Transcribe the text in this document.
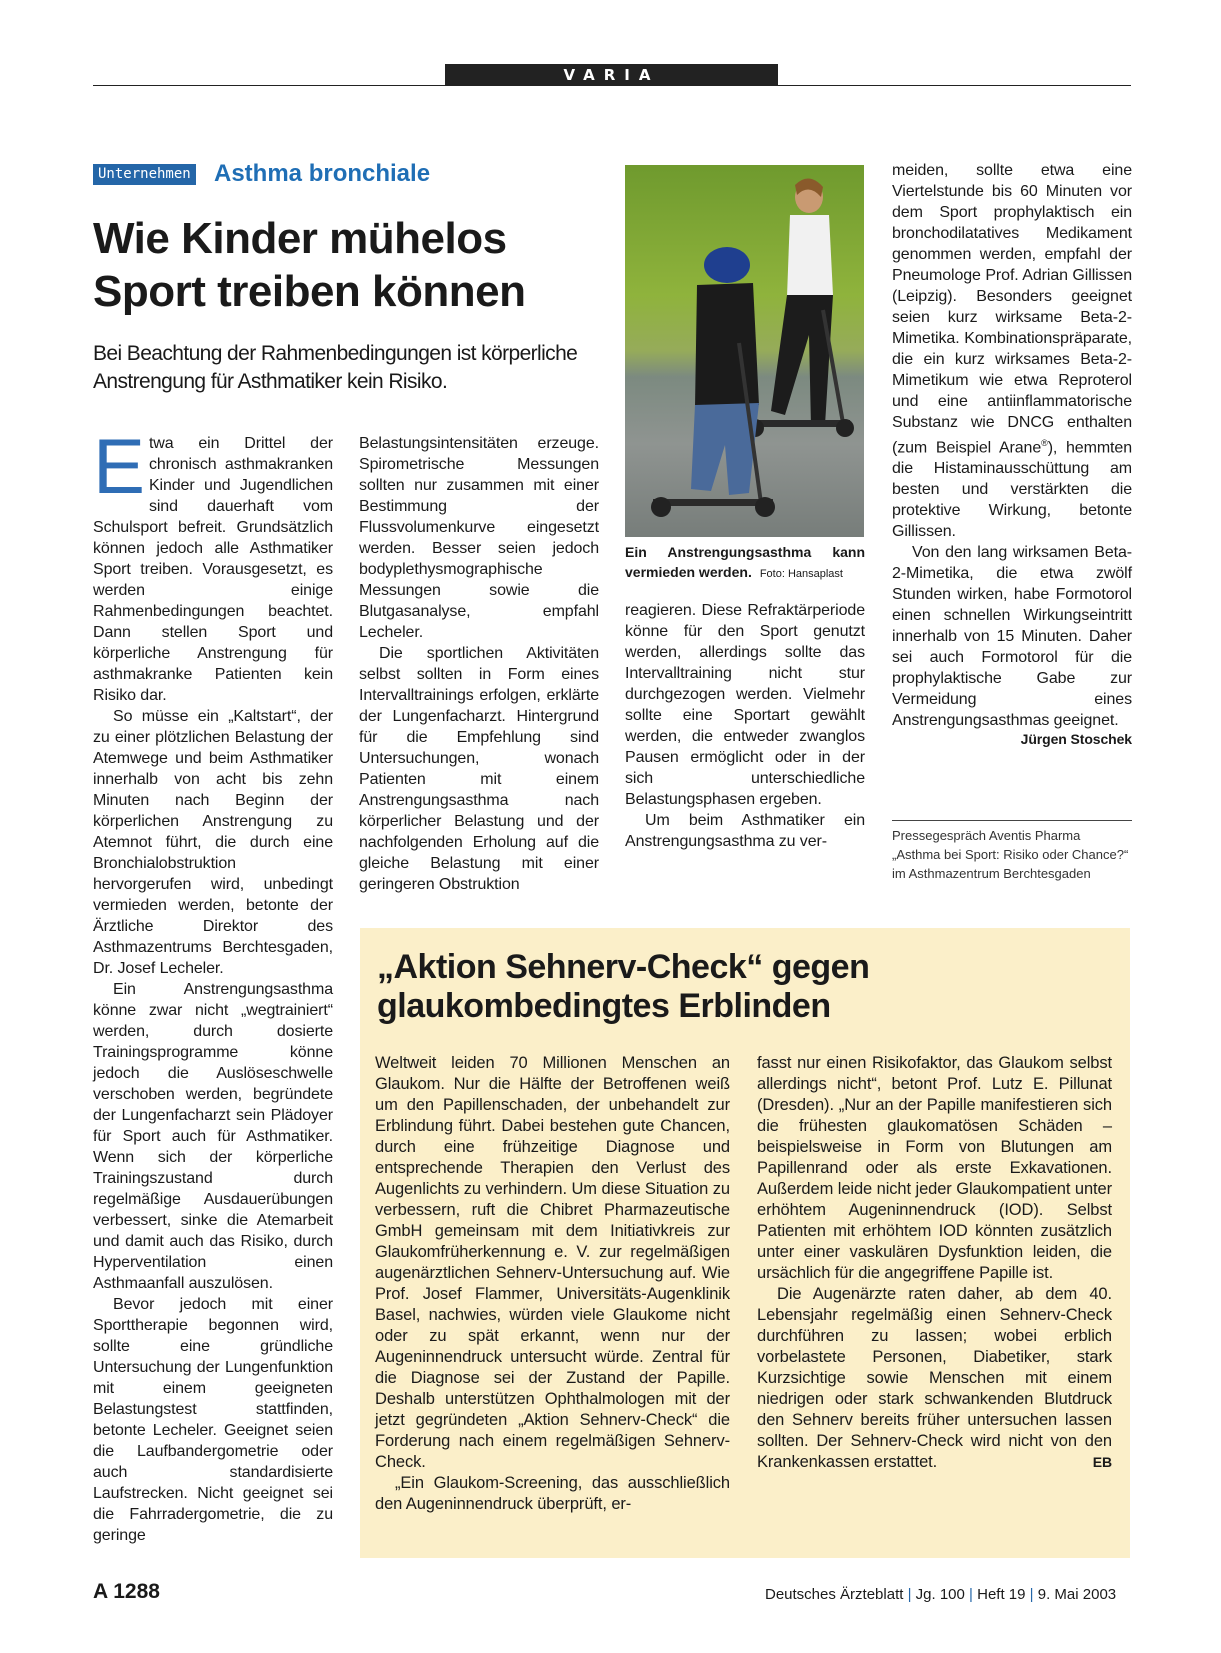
VARIA
Unternehmen Asthma bronchiale
Wie Kinder mühelos
Sport treiben können

Bei Beachtung der Rahmenbedingungen ist körperliche Anstrengung für Asthmatiker kein Risiko.

Etwa ein Drittel der chronisch asthmakranken Kinder und Jugendlichen sind dauerhaft vom Schulsport befreit. Grundsätzlich können jedoch alle Asthmatiker Sport treiben. Vorausgesetzt, es werden einige Rahmenbedingungen beachtet. Dann stellen Sport und körperliche Anstrengung für asthmakranke Patienten kein Risiko dar.

So müsse ein „Kaltstart“, der zu einer plötzlichen Belastung der Atemwege und beim Asthmatiker innerhalb von acht bis zehn Minuten nach Beginn der körperlichen Anstrengung zu Atemnot führt, die durch eine Bronchialobstruktion hervorgerufen wird, unbedingt vermieden werden, betonte der Ärztliche Direktor des Asthmazentrums Berchtesgaden, Dr. Josef Lecheler.

Ein Anstrengungsasthma könne zwar nicht „wegtrainiert“ werden, durch dosierte Trainingsprogramme könne jedoch die Auslöseschwelle verschoben werden, begründete der Lungenfacharzt sein Plädoyer für Sport auch für Asthmatiker. Wenn sich der körperliche Trainingszustand durch regelmäßige Ausdauerübungen verbessert, sinke die Atemarbeit und damit auch das Risiko, durch Hyperventilation einen Asthmaanfall auszulösen.

Bevor jedoch mit einer Sporttherapie begonnen wird, sollte eine gründliche Untersuchung der Lungenfunktion mit einem geeigneten Belastungstest stattfinden, betonte Lecheler. Geeignet seien die Laufbandergometrie oder auch standardisierte Laufstrecken. Nicht geeignet sei die Fahrradergometrie, die zu geringe

Belastungsintensitäten erzeuge. Spirometrische Messungen sollten nur zusammen mit einer Bestimmung der Flussvolumenkurve eingesetzt werden. Besser seien jedoch bodyplethysmographische Messungen sowie die Blutgasanalyse, empfahl Lecheler.

Die sportlichen Aktivitäten selbst sollten in Form eines Intervalltrainings erfolgen, erklärte der Lungenfacharzt. Hintergrund für die Empfehlung sind Untersuchungen, wonach Patienten mit einem Anstrengungsasthma nach körperlicher Belastung und der nachfolgenden Erholung auf die gleiche Belastung mit einer geringeren Obstruktion

Ein Anstrengungsasthma kann vermieden werden. Foto: Hansaplast

reagieren. Diese Refraktärperiode könne für den Sport genutzt werden, allerdings sollte das Intervalltraining nicht stur durchgezogen werden. Vielmehr sollte eine Sportart gewählt werden, die entweder zwanglos Pausen ermöglicht oder in der sich unterschiedliche Belastungsphasen ergeben.

Um beim Asthmatiker ein Anstrengungsasthma zu ver-

meiden, sollte etwa eine Viertelstunde bis 60 Minuten vor dem Sport prophylaktisch ein bronchodilatatives Medikament genommen werden, empfahl der Pneumologe Prof. Adrian Gillissen (Leipzig). Besonders geeignet seien kurz wirksame Beta-2-Mimetika. Kombinationspräparate, die ein kurz wirksames Beta-2-Mimetikum wie etwa Reproterol und eine antiinflammatorische Substanz wie DNCG enthalten (zum Beispiel Arane®), hemmten die Histaminausschüttung am besten und verstärkten die protektive Wirkung, betonte Gillissen.

Von den lang wirksamen Beta-2-Mimetika, die etwa zwölf Stunden wirken, habe Formotorol einen schnellen Wirkungseintritt innerhalb von 15 Minuten. Daher sei auch Formotorol für die prophylaktische Gabe zur Vermeidung eines Anstrengungsasthmas geeignet.
Jürgen Stoschek

Pressegespräch Aventis Pharma „Asthma bei Sport: Risiko oder Chance?“ im Asthmazentrum Berchtesgaden

Weltweit leiden 70 Millionen Menschen an Glaukom. Nur die Hälfte der Betroffenen weiß um den Papillenschaden, der unbehandelt zur Erblindung führt. Dabei bestehen gute Chancen, durch eine frühzeitige Diagnose und entsprechende Therapien den Verlust des Augenlichts zu verhindern. Um diese Situation zu verbessern, ruft die Chibret Pharmazeutische GmbH gemeinsam mit dem Initiativkreis zur Glaukomfrüherkennung e. V. zur regelmäßigen augenärztlichen Sehnerv-Untersuchung auf. Wie Prof. Josef Flammer, Universitäts-Augenklinik Basel, nachwies, würden viele Glaukome nicht oder zu spät erkannt, wenn nur der Augeninnendruck untersucht würde. Zentral für die Diagnose sei der Zustand der Papille. Deshalb unterstützen Ophthalmologen mit der jetzt gegründeten „Aktion Sehnerv-Check“ die Forderung nach einem regelmäßigen Sehnerv-Check.

„Ein Glaukom-Screening, das ausschließlich den Augeninnendruck überprüft, er-

fasst nur einen Risikofaktor, das Glaukom selbst allerdings nicht“, betont Prof. Lutz E. Pillunat (Dresden). „Nur an der Papille manifestieren sich die frühesten glaukomatösen Schäden – beispielsweise in Form von Blutungen am Papillenrand oder als erste Exkavationen. Außerdem leide nicht jeder Glaukompatient unter erhöhtem Augeninnendruck (IOD). Selbst Patienten mit erhöhtem IOD könnten zusätzlich unter einer vaskulären Dysfunktion leiden, die ursächlich für die angegriffene Papille ist.

Die Augenärzte raten daher, ab dem 40. Lebensjahr regelmäßig einen Sehnerv-Check durchführen zu lassen; wobei erblich vorbelastete Personen, Diabetiker, stark Kurzsichtige sowie Menschen mit einem niedrigen oder stark schwankenden Blutdruck den Sehnerv bereits früher untersuchen lassen sollten. Der Sehnerv-Check wird nicht von den Krankenkassen erstattet.	EB

„Aktion Sehnerv-Check“ gegen
glaukombedingtes Erblinden
A 1288	Deutsches Ärzteblatt | Jg. 100 | Heft 19 | 9. Mai 2003
